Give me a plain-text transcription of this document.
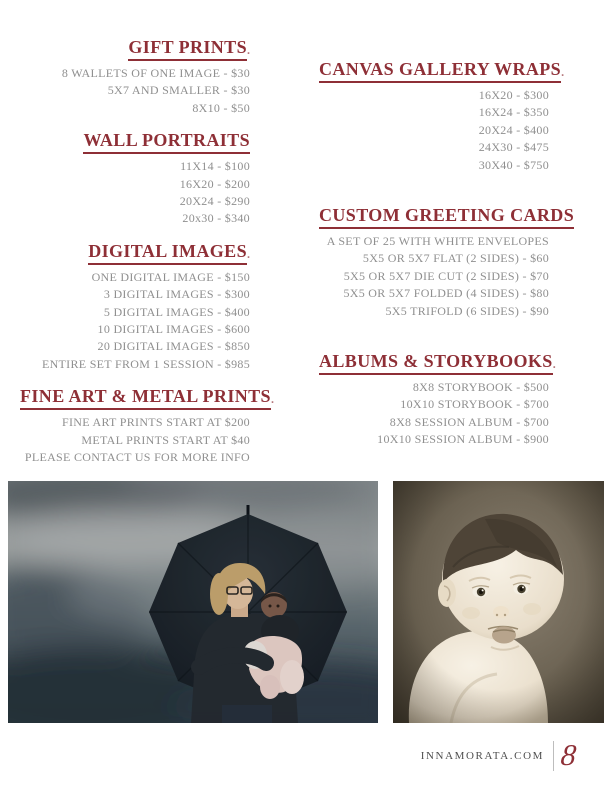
GIFT PRINTS.
8 WALLETS OF ONE IMAGE - $30
5X7 AND SMALLER - $30
8X10 - $50
WALL PORTRAITS
11X14 - $100
16X20 - $200
20X24 - $290
20x30 - $340
DIGITAL IMAGES.
ONE DIGITAL IMAGE - $150
3 DIGITAL IMAGES - $300
5 DIGITAL IMAGES - $400
10 DIGITAL IMAGES - $600
20 DIGITAL IMAGES - $850
ENTIRE SET FROM 1 SESSION - $985
FINE ART & METAL PRINTS.
FINE ART PRINTS START AT $200
METAL PRINTS START AT $40
PLEASE CONTACT US FOR MORE INFO
CANVAS GALLERY WRAPS.
16X20 - $300
16X24 - $350
20X24 - $400
24X30 - $475
30X40 - $750
CUSTOM GREETING CARDS
A SET OF 25 WITH WHITE ENVELOPES
5X5 OR 5X7 FLAT (2 SIDES) - $60
5X5 OR 5X7 DIE CUT (2 SIDES) - $70
5X5 OR 5X7 FOLDED (4 SIDES) - $80
5X5 TRIFOLD (6 SIDES) - $90
ALBUMS & STORYBOOKS.
8X8 STORYBOOK - $500
10X10 STORYBOOK - $700
8X8 SESSION ALBUM - $700
10X10 SESSION ALBUM - $900
INNAMORATA.COM 8
